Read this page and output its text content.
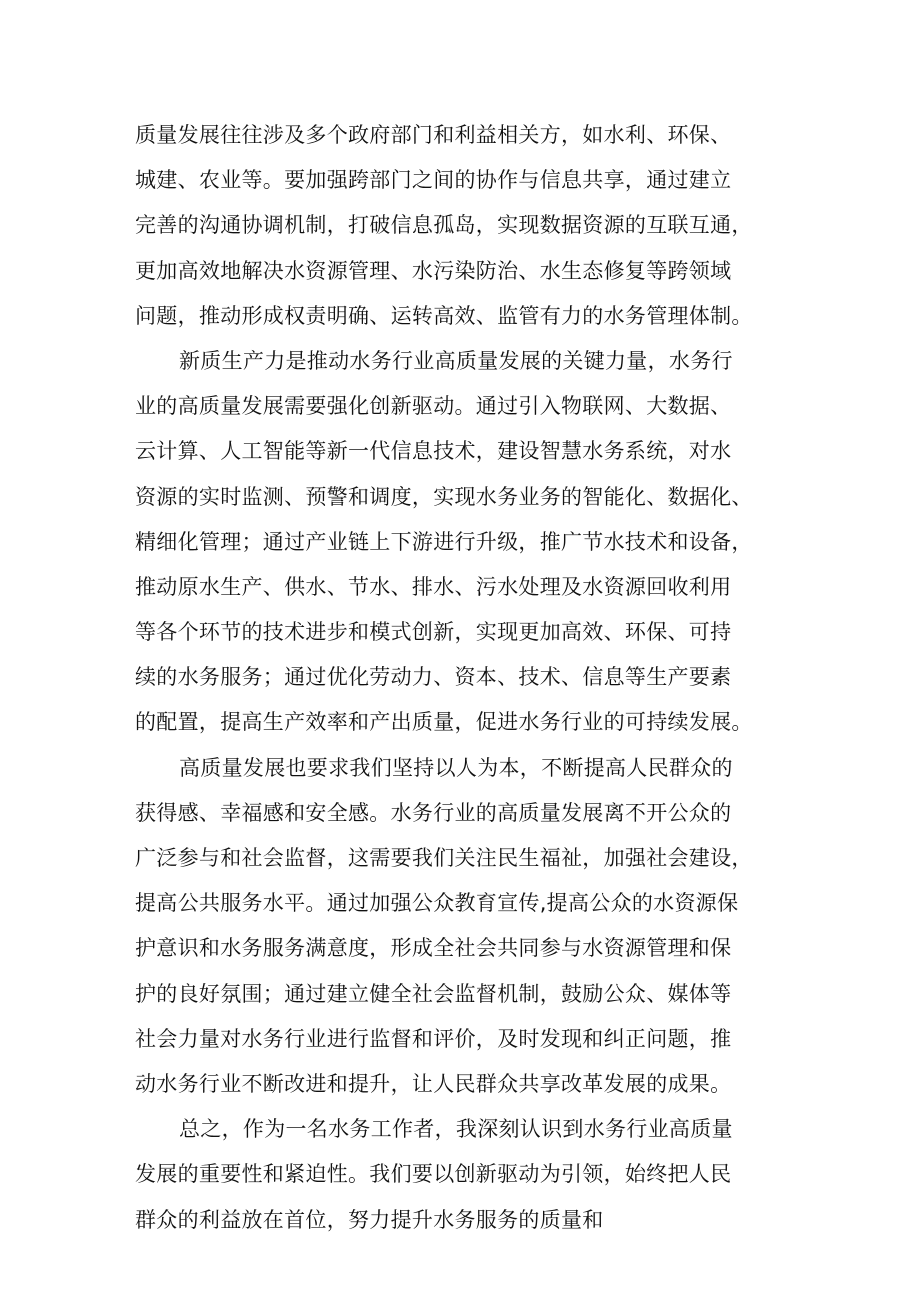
质量发展往往涉及多个政府部门和利益相关方，如水利、环保、
城建、农业等。要加强跨部门之间的协作与信息共享，通过建立
完善的沟通协调机制，打破信息孤岛，实现数据资源的互联互通，
更加高效地解决水资源管理、水污染防治、水生态修复等跨领域
问题，推动形成权责明确、运转高效、监管有力的水务管理体制。
新质生产力是推动水务行业高质量发展的关键力量，水务行
业的高质量发展需要强化创新驱动。通过引入物联网、大数据、
云计算、人工智能等新一代信息技术，建设智慧水务系统，对水
资源的实时监测、预警和调度，实现水务业务的智能化、数据化、
精细化管理；通过产业链上下游进行升级，推广节水技术和设备，
推动原水生产、供水、节水、排水、污水处理及水资源回收利用
等各个环节的技术进步和模式创新，实现更加高效、环保、可持
续的水务服务；通过优化劳动力、资本、技术、信息等生产要素
的配置，提高生产效率和产出质量，促进水务行业的可持续发展。
高质量发展也要求我们坚持以人为本，不断提高人民群众的
获得感、幸福感和安全感。水务行业的高质量发展离不开公众的
广泛参与和社会监督，这需要我们关注民生福祉，加强社会建设，
提高公共服务水平。通过加强公众教育宣传,提高公众的水资源保
护意识和水务服务满意度，形成全社会共同参与水资源管理和保
护的良好氛围；通过建立健全社会监督机制，鼓励公众、媒体等
社会力量对水务行业进行监督和评价，及时发现和纠正问题，推
动水务行业不断改进和提升，让人民群众共享改革发展的成果。
总之，作为一名水务工作者，我深刻认识到水务行业高质量
发展的重要性和紧迫性。我们要以创新驱动为引领，始终把人民
群众的利益放在首位，努力提升水务服务的质量和
